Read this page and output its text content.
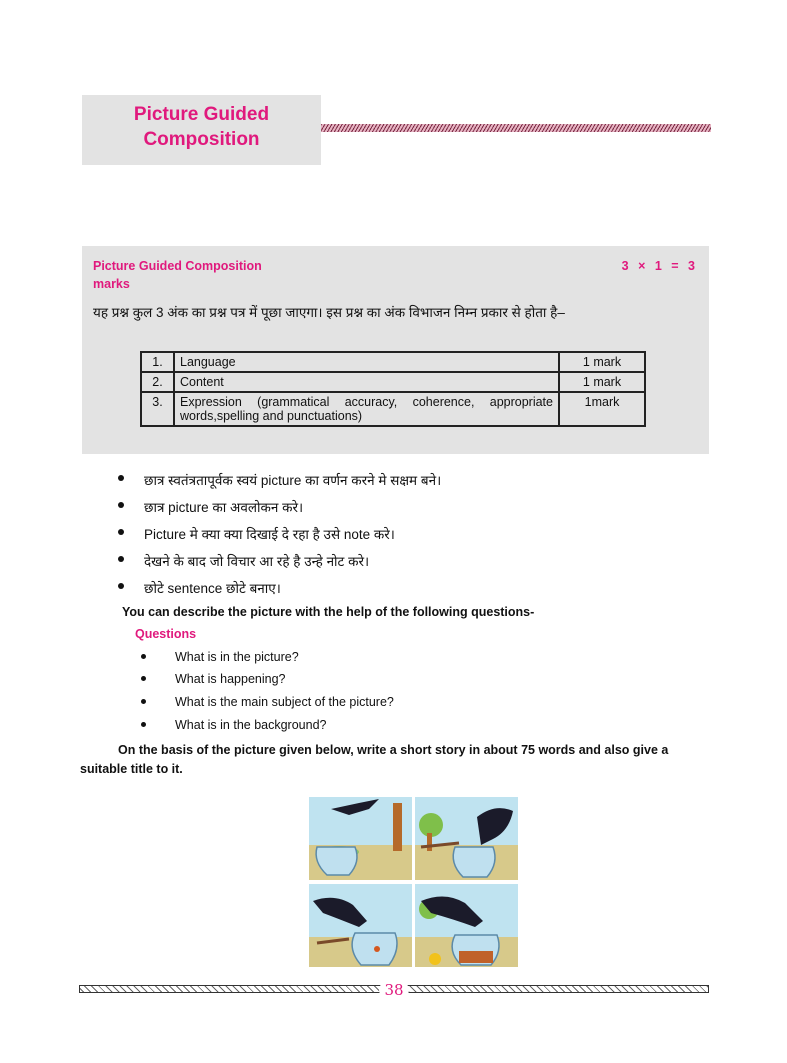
Picture Guided
Composition
Picture Guided Composition
marks
3 × 1 = 3
यह प्रश्न कुल 3 अंक का प्रश्न पत्र में पूछा जाएगा। इस प्रश्न का अंक विभाजन निम्न प्रकार से होता है–
1.	Language	1 mark
2.	Content	1 mark
3.	Expression (grammatical accuracy, coherence, appropriate words,spelling and punctuations)	1mark
छात्र स्वतंत्रतापूर्वक स्वयं picture का वर्णन करने मे सक्षम बने।
छात्र picture का अवलोकन करे।
Picture मे क्या क्या दिखाई दे रहा है उसे note करे।
देखने के बाद जो विचार आ रहे है उन्हे नोट करे।
छोटे sentence छोटे बनाए।
You can describe the picture with the help of the following questions-
Questions
What is in the picture?
What is happening?
What is the main subject of the picture?
What is in the background?
On the basis of the picture given below, write a short story in about 75 words and also give a suitable title to it.
38
